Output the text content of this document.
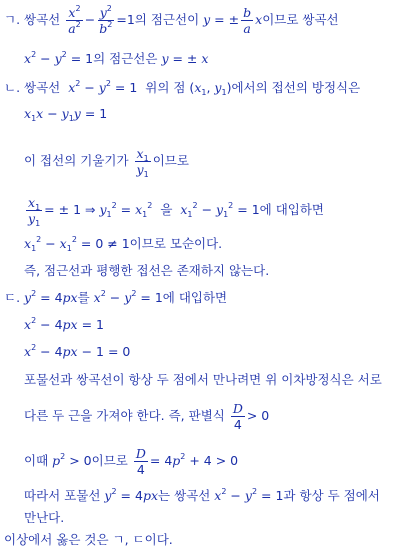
ㄱ. 쌍곡선 $\frac{x^2}{a^2} - \frac{y^2}{b^2} =1$의 점근선이 y = ± $\frac{b}{a}$ x이므로 쌍곡선
$x^2 - y^2 = 1$의 점근선은 y = ± x
ㄴ. 쌍곡선 $x^2 - y^2 = 1$ 위의 점 ($x_1$, $y_1$)에서의 접선의 방정식은
$x_1x - y_1y = 1$
이 접선의 기울기가 $\frac{x_1}{y_1}$ 이므로
$\frac{x_1}{y_1}$ = ± 1 ⇒ $y_1^2 = x_1^2$ 을 $x_1^2 - y_1^2 = 1$에 대입하면
$x_1^2 - x_1^2 = 0 \ne 1$이므로 모순이다.
즉, 점근선과 평행한 접선은 존재하지 않는다.
ㄷ. $y^2 = 4px$를 $x^2 - y^2 = 1$에 대입하면
$x^2 - 4px = 1$
$x^2 - 4px - 1 = 0$
포물선과 쌍곡선이 항상 두 점에서 만나려면 위 이차방정식은 서로
다른 두 근을 가져야 한다. 즉, 판별식 $\frac{D}{4} > 0$
이때 $p^2 > 0$이므로 $\frac{D}{4} = 4p^2 + 4 > 0$
따라서 포물선 $y^2 = 4px$는 쌍곡선 $x^2 - y^2 = 1$과 항상 두 점에서
만난다.
이상에서 옳은 것은 ㄱ, ㄷ이다.
